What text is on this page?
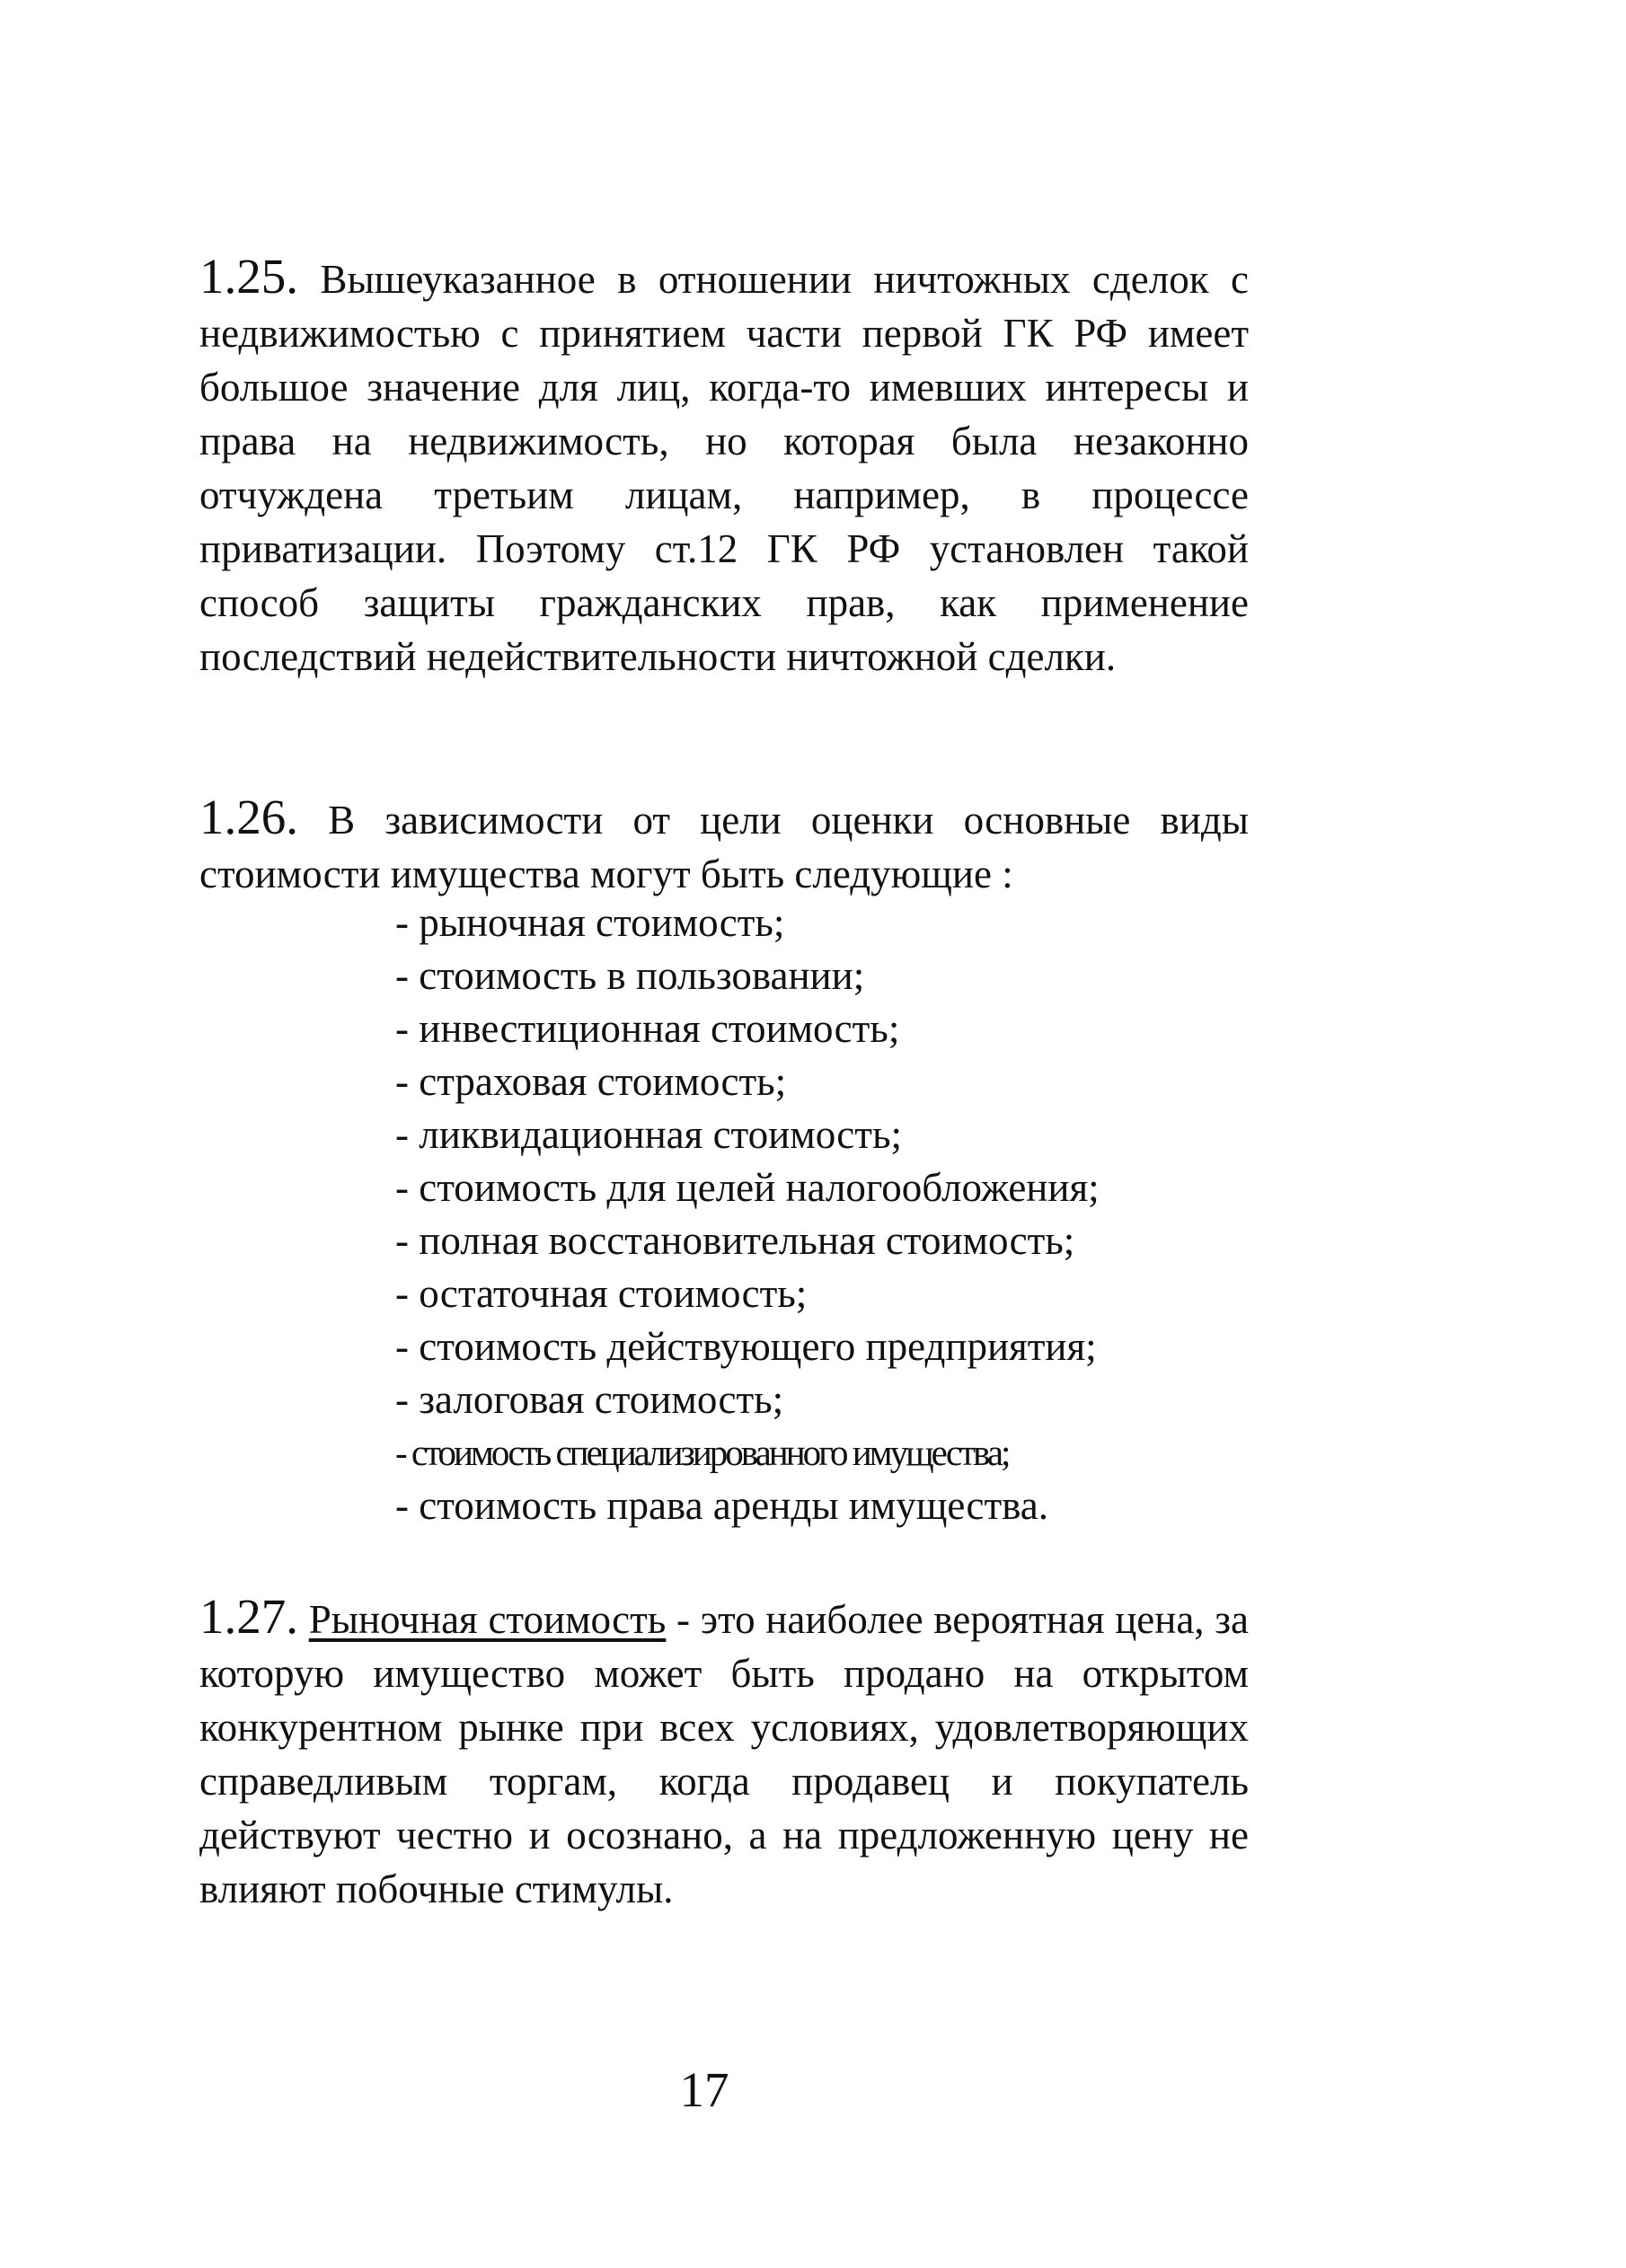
1.25. Вышеуказанное в отношении ничтожных сделок с недвижимостью с принятием части первой ГК РФ имеет большое значение для лиц, когда-то имевших интересы и права на недвижимость, но которая была незаконно отчуждена третьим лицам, например, в процессе приватизации. Поэтому ст.12 ГК РФ установлен такой способ защиты гражданских прав, как применение последствий недействительности ничтожной сделки.

1.26. В зависимости от цели оценки основные виды стоимости имущества могут быть следующие :

- рыночная стоимость;
- стоимость в пользовании;
- инвестиционная стоимость;
- страховая стоимость;
- ликвидационная стоимость;
- стоимость для целей налогообложения;
- полная восстановительная стоимость;
- остаточная стоимость;
- стоимость действующего предприятия;
- залоговая стоимость;
- стоимость специализированного имущества;
- стоимость права аренды имущества.

1.27. Рыночная стоимость - это наиболее вероятная цена, за которую имущество может быть продано на открытом конкурентном рынке при всех условиях, удовлетворяющих справедливым торгам, когда продавец и покупатель действуют честно и осознано, а на предложенную цену не влияют побочные стимулы.

17
